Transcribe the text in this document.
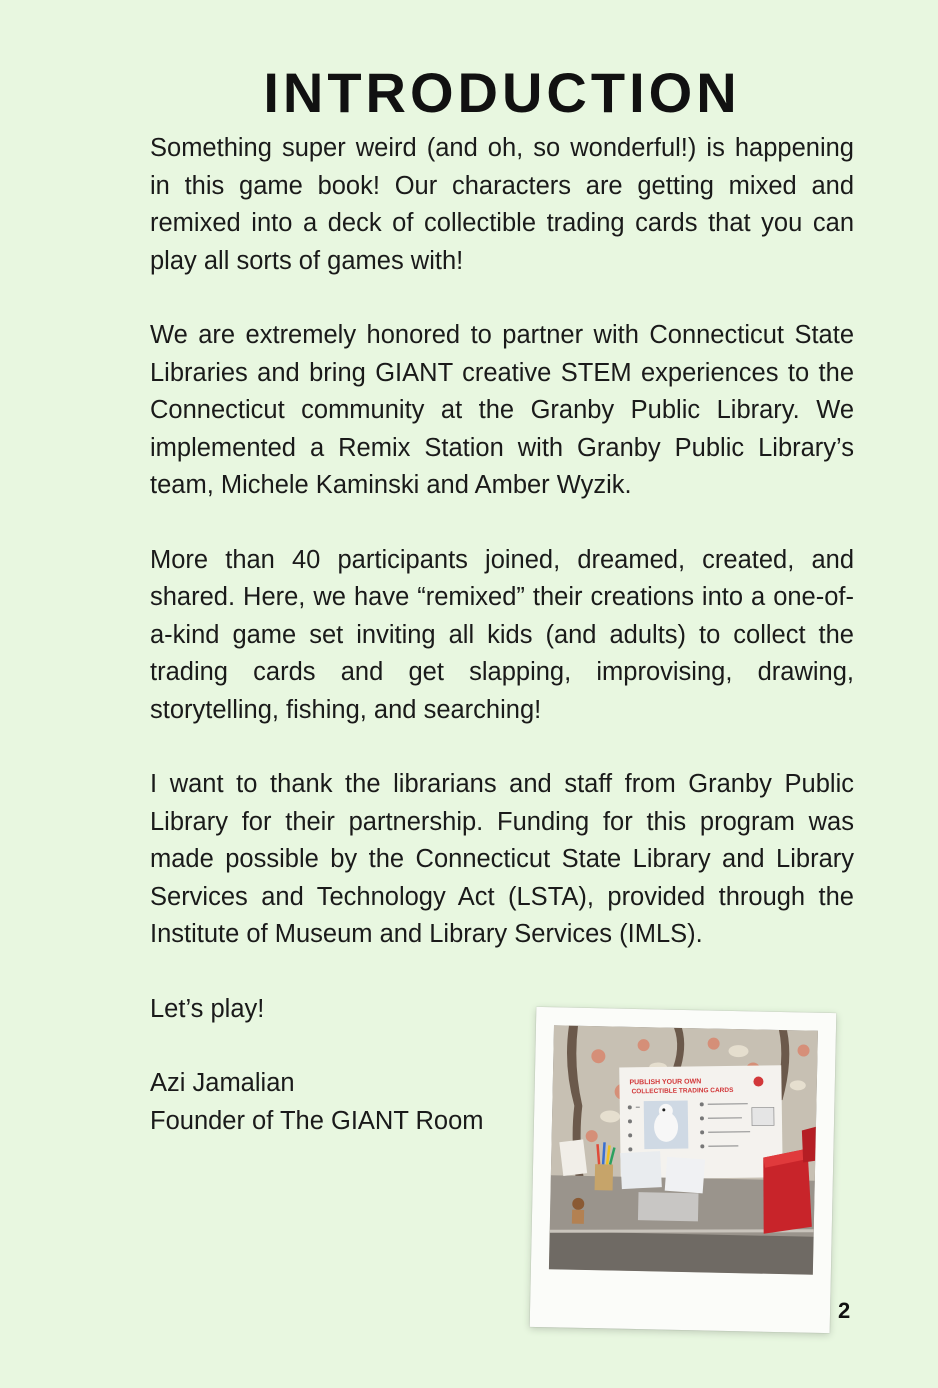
INTRODUCTION

Something super weird (and oh, so wonderful!) is happening in this game book! Our characters are getting mixed and remixed into a deck of collectible trading cards that you can play all sorts of games with!

We are extremely honored to partner with Connecticut State Libraries and bring GIANT creative STEM experiences to the Connecticut community at the Granby Public Library. We implemented a Remix Station with Granby Public Library’s team, Michele Kaminski and Amber Wyzik.

More than 40 participants joined, dreamed, created, and shared. Here, we have “remixed” their creations into a one-of-a-kind game set inviting all kids (and adults) to collect the trading cards and get slapping, improvising, drawing, storytelling, fishing, and searching!

I want to thank the librarians and staff from Granby Public Library for their partnership. Funding for this program was made possible by the Connecticut State Library and Library Services and Technology Act (LSTA), provided through the Institute of Museum and Library Services (IMLS).

Let’s play!

Azi Jamalian
Founder of The GIANT Room
PUBLISH YOUR OWN
COLLECTIBLE TRADING CARDS
2
